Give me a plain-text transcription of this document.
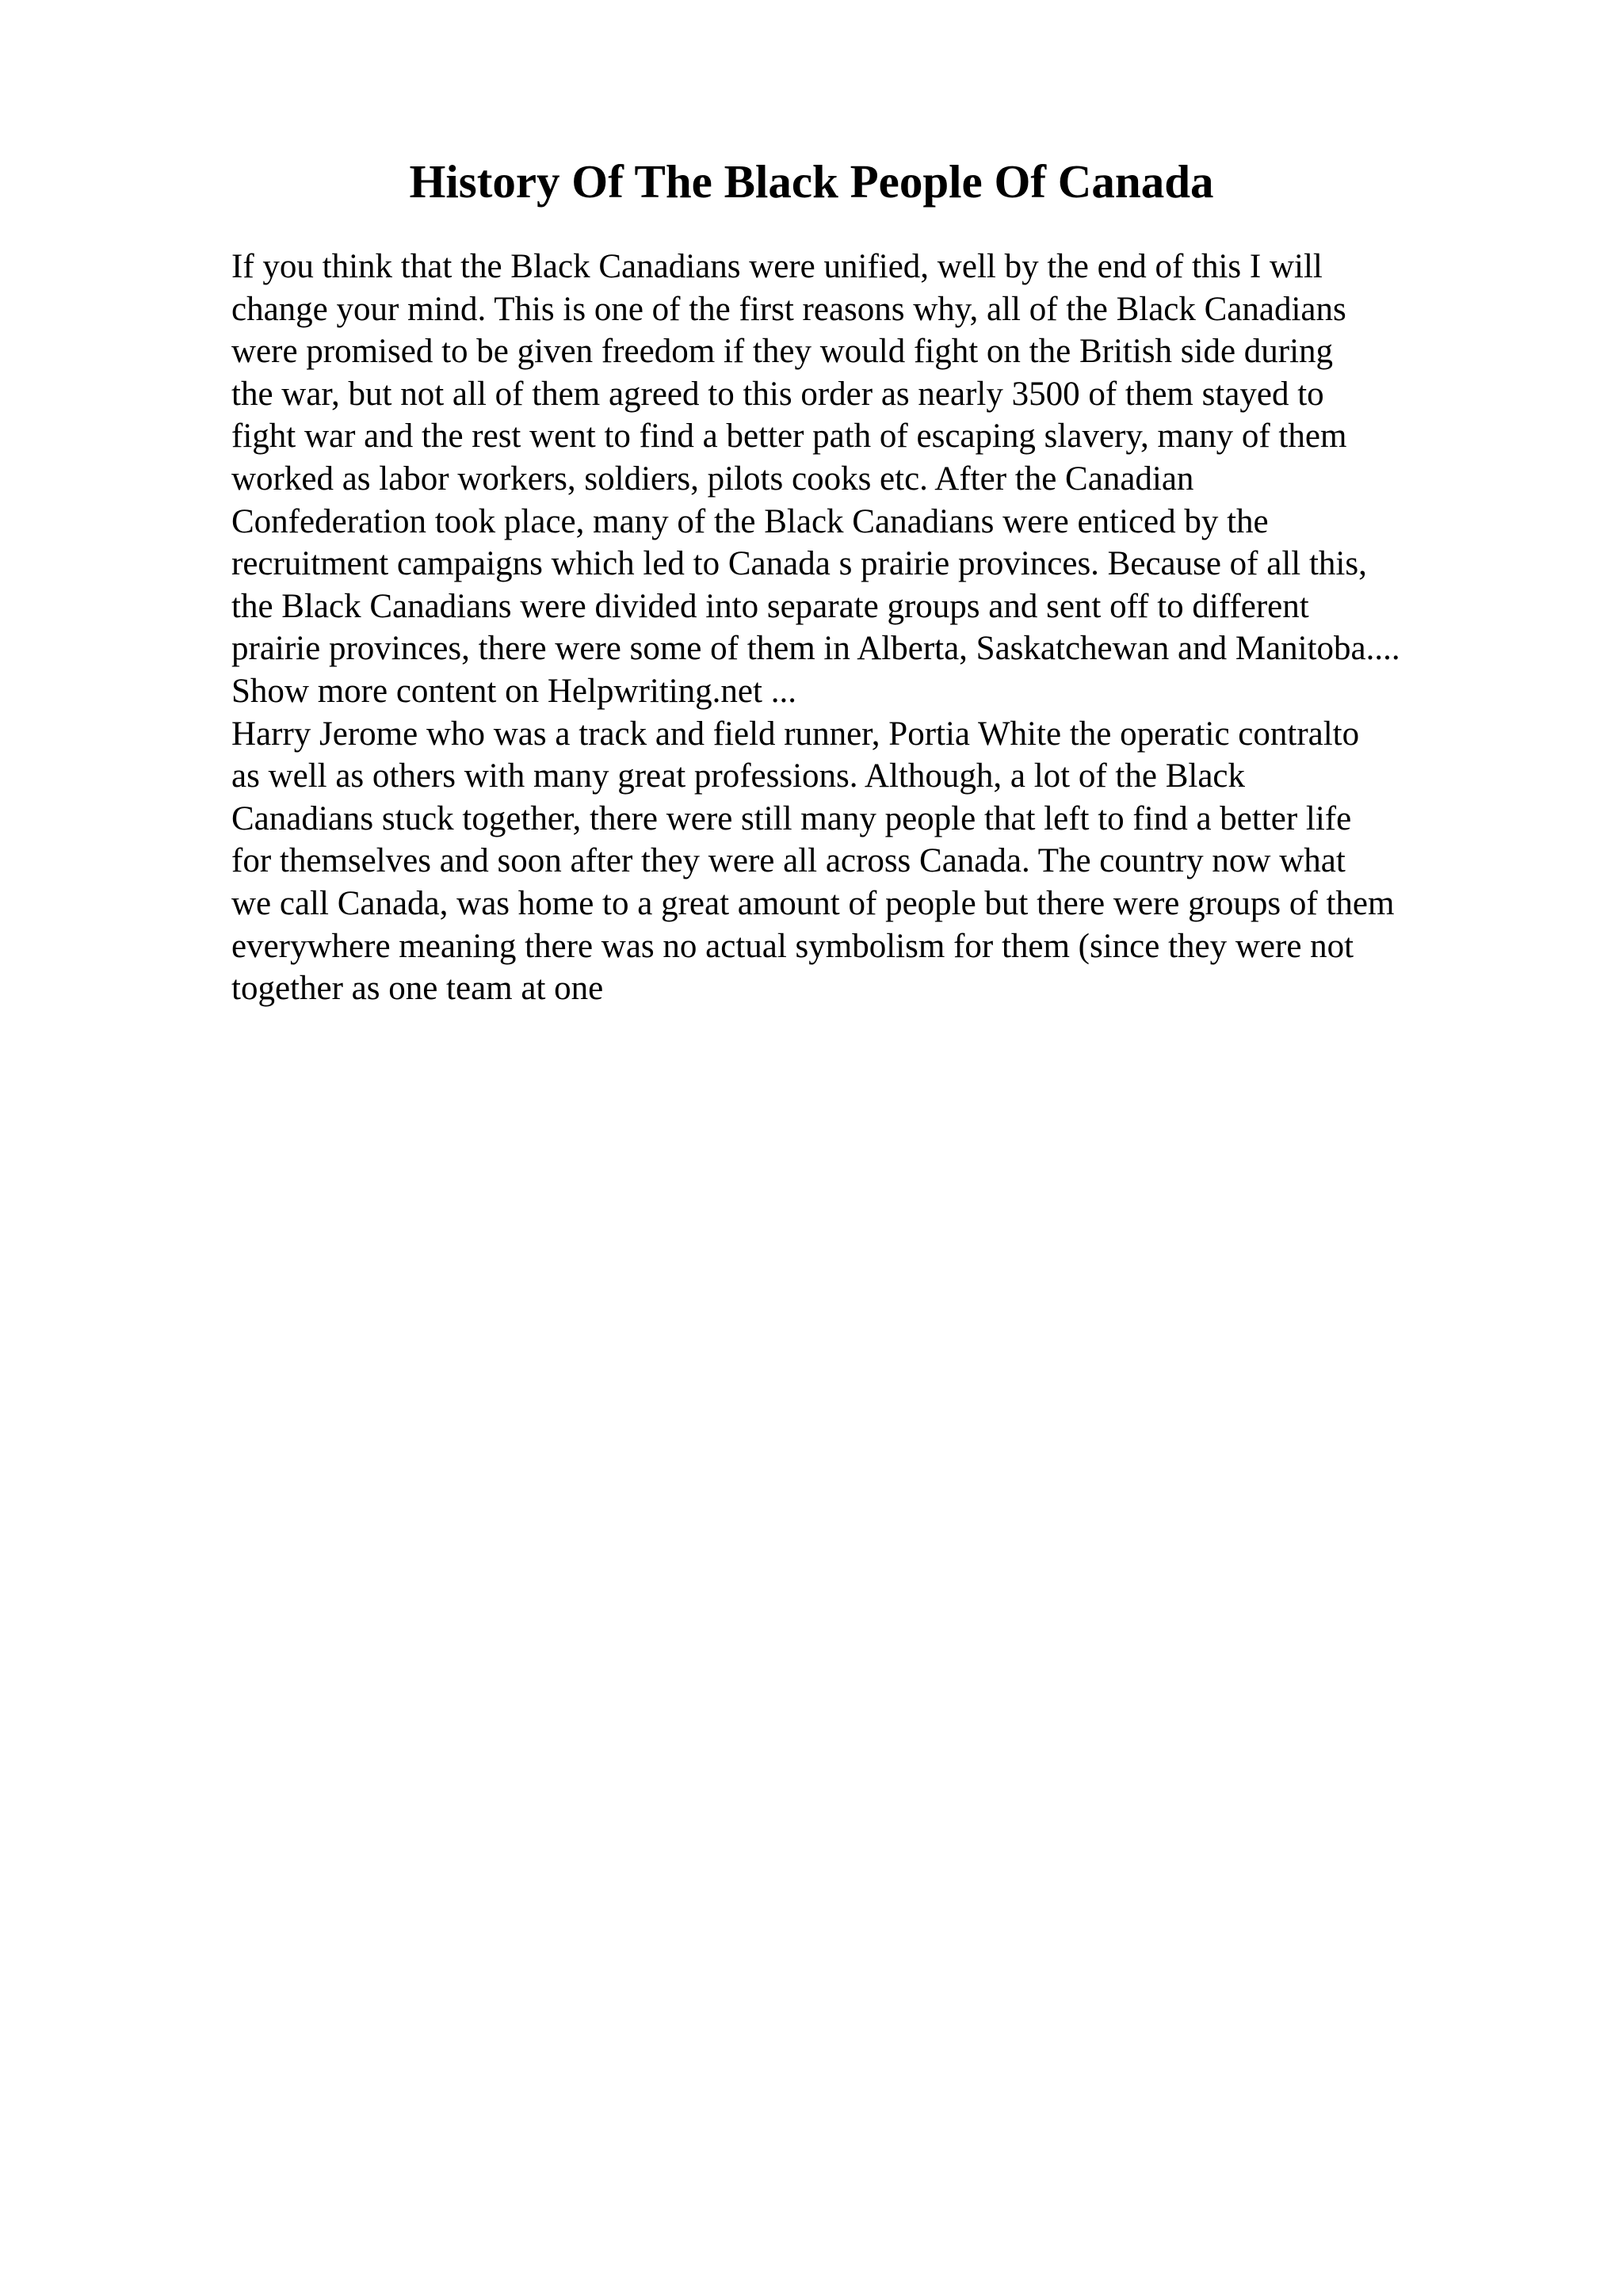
History Of The Black People Of Canada
If you think that the Black Canadians were unified, well by the end of this I will
change your mind. This is one of the first reasons why, all of the Black Canadians
were promised to be given freedom if they would fight on the British side during
the war, but not all of them agreed to this order as nearly 3500 of them stayed to
fight war and the rest went to find a better path of escaping slavery, many of them
worked as labor workers, soldiers, pilots cooks etc. After the Canadian
Confederation took place, many of the Black Canadians were enticed by the
recruitment campaigns which led to Canada s prairie provinces. Because of all this,
the Black Canadians were divided into separate groups and sent off to different
prairie provinces, there were some of them in Alberta, Saskatchewan and Manitoba....
Show more content on Helpwriting.net ...
Harry Jerome who was a track and field runner, Portia White the operatic contralto
as well as others with many great professions. Although, a lot of the Black
Canadians stuck together, there were still many people that left to find a better life
for themselves and soon after they were all across Canada. The country now what
we call Canada, was home to a great amount of people but there were groups of them
everywhere meaning there was no actual symbolism for them (since they were not
together as one team at one
